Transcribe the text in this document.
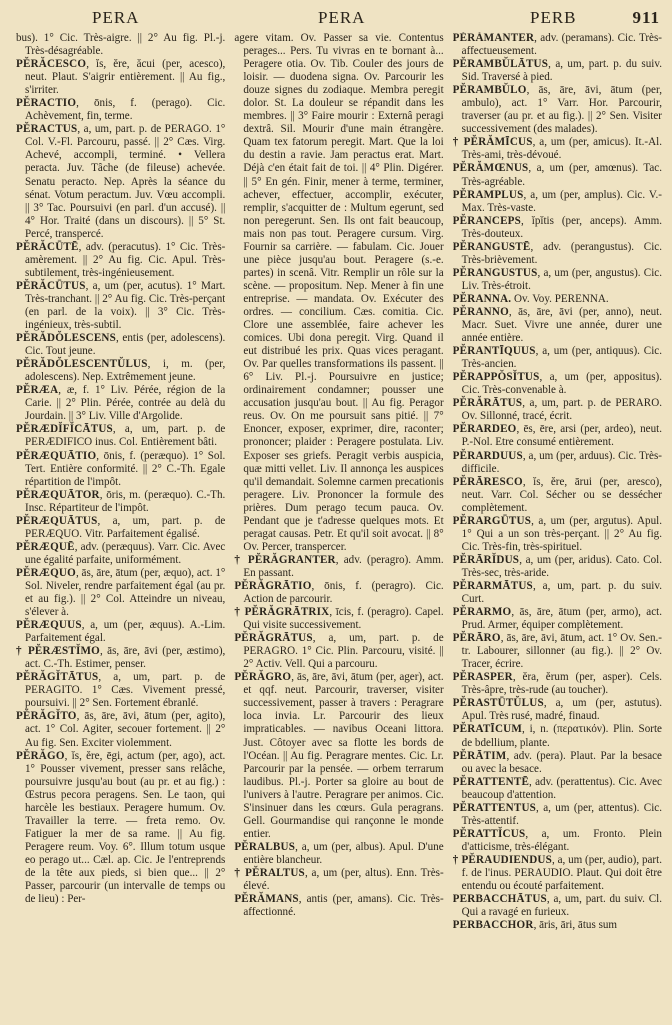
PERA	PERA	PERB	911

bus). 1° Cic. Très-aigre. || 2° Au fig. Pl.-j. Très-désagréable.

PĔRĂCESCO, ĭs, ĕre, ăcui (per, acesco), neut. Plaut. S'aigrir entièrement. || Au fig., s'irriter.

PĔRACTIO, ōnis, f. (perago). Cic. Achèvement, fin, terme.

PĔRACTUS, a, um, part. p. de PERAGO. 1° Col. V.-Fl. Parcouru, passé. || 2° Cæs. Virg. Achevé, accompli, terminé. • Vellera peracta. Juv. Tâche (de fileuse) achevée. Senatu peracto. Nep. Après la séance du sénat. Votum peractum. Juv. Vœu accompli. || 3° Tac. Poursuivi (en parl. d'un accusé). || 4° Hor. Traité (dans un discours). || 5° St. Percé, transpercé.

PĔRĂCŪTĒ, adv. (peracutus). 1° Cic. Très-amèrement. || 2° Au fig. Cic. Apul. Très-subtilement, très-ingénieusement.

PĔRĂCŪTUS, a, um (per, acutus). 1° Mart. Très-tranchant. || 2° Au fig. Cic. Très-perçant (en parl. de la voix). || 3° Cic. Très-ingénieux, très-subtil.

PĔRĂDŎLESCENS, entis (per, adolescens). Cic. Tout jeune.

PĔRĂDŎLESCENTŬLUS, i, m. (per, adolescens). Nep. Extrêmement jeune.

PĔRÆA, æ, f. 1° Liv. Pérée, région de la Carie. || 2° Plin. Pérée, contrée au delà du Jourdain. || 3° Liv. Ville d'Argolide.

PĔRÆDĬFĬCĀTUS, a, um, part. p. de PERÆDIFICO inus. Col. Entièrement bâti.

PĔRÆQUĀTIO, ōnis, f. (peræquo). 1° Sol. Tert. Entière conformité. || 2° C.-Th. Egale répartition de l'impôt.

PĔRÆQUĀTOR, ōris, m. (peræquo). C.-Th. Insc. Répartiteur de l'impôt.

PĔRÆQUĀTUS, a, um, part. p. de PERÆQUO. Vitr. Parfaitement égalisé.

PĔRÆQUĒ, adv. (peræquus). Varr. Cic. Avec une égalité parfaite, uniformément.

PĔRÆQUO, ās, āre, ātum (per, æquo), act. 1° Sol. Niveler, rendre parfaitement égal (au pr. et au fig.). || 2° Col. Atteindre un niveau, s'élever à.

PĔRÆQUUS, a, um (per, æquus). A.-Lim. Parfaitement égal.

† PĔRÆSTĬMO, ās, āre, āvi (per, æstimo), act. C.-Th. Estimer, penser.

PĔRĂGĬTĀTUS, a, um, part. p. de PERAGITO. 1° Cæs. Vivement pressé, poursuivi. || 2° Sen. Fortement ébranlé.

PĔRĂGĬTO, ās, āre, āvi, ātum (per, agito), act. 1° Col. Agiter, secouer fortement. || 2° Au fig. Sen. Exciter violemment.

PĔRĂGO, ĭs, ĕre, ēgi, actum (per, ago), act. 1° Pousser vivement, presser sans relâche, poursuivre jusqu'au bout (au pr. et au fig.) : Œstrus pecora peragens. Sen. Le taon, qui harcèle les bestiaux. Peragere humum. Ov. Travailler la terre. — freta remo. Ov. Fatiguer la mer de sa rame. || Au fig. Peragere reum. Voy. 6°. Illum totum usque eo perago ut... Cæl. ap. Cic. Je l'entreprends de la tête aux pieds, si bien que... || 2° Passer, parcourir (un intervalle de temps ou de lieu) : Per-

agere vitam. Ov. Passer sa vie. Contentus perages... Pers. Tu vivras en te bornant à... Peragere otia. Ov. Tib. Couler des jours de loisir. — duodena signa. Ov. Parcourir les douze signes du zodiaque. Membra peregit dolor. St. La douleur se répandit dans les membres. || 3° Faire mourir : Externâ peragi dextrâ. Sil. Mourir d'une main étrangère. Quam tex fatorum peregit. Mart. Que la loi du destin a ravie. Jam peractus erat. Mart. Déjà c'en était fait de toi. || 4° Plin. Digérer. || 5° En gén. Finir, mener à terme, terminer, achever, effectuer, accomplir, exécuter, remplir, s'acquitter de : Multum egerunt, sed non peregerunt. Sen. Ils ont fait beaucoup, mais non pas tout. Peragere cursum. Virg. Fournir sa carrière. — fabulam. Cic. Jouer une pièce jusqu'au bout. Peragere (s.-e. partes) in scenâ. Vitr. Remplir un rôle sur la scène. — propositum. Nep. Mener à fin une entreprise. — mandata. Ov. Exécuter des ordres. — concilium. Cæs. comitia. Cic. Clore une assemblée, faire achever les comices. Ubi dona peregit. Virg. Quand il eut distribué les prix. Quas vices peragant. Ov. Par quelles transformations ils passent. || 6° Liv. Pl.-j. Poursuivre en justice; ordinairement condamner; pousser une accusation jusqu'au bout. || Au fig. Peragor reus. Ov. On me poursuit sans pitié. || 7° Enoncer, exposer, exprimer, dire, raconter; prononcer; plaider : Peragere postulata. Liv. Exposer ses griefs. Peragit verbis auspicia, quæ mitti vellet. Liv. Il annonça les auspices qu'il demandait. Solemne carmen precationis peragere. Liv. Prononcer la formule des prières. Dum perago tecum pauca. Ov. Pendant que je t'adresse quelques mots. Et peragat causas. Petr. Et qu'il soit avocat. || 8° Ov. Percer, transpercer.

† PĔRĂGRANTER, adv. (peragro). Amm. En passant.

PĔRĂGRĀTIO, ōnis, f. (peragro). Cic. Action de parcourir.

† PĔRĂGRĀTRIX, īcis, f. (peragro). Capel. Qui visite successivement.

PĔRĂGRĀTUS, a, um, part. p. de PERAGRO. 1° Cic. Plin. Parcouru, visité. || 2° Activ. Vell. Qui a parcouru.

PĔRĂGRO, ās, āre, āvi, ātum (per, ager), act. et qqf. neut. Parcourir, traverser, visiter successivement, passer à travers : Peragrare loca invia. Lr. Parcourir des lieux impraticables. — navibus Oceani littora. Just. Côtoyer avec sa flotte les bords de l'Océan. || Au fig. Peragrare mentes. Cic. Lr. Parcourir par la pensée. — orbem terrarum laudibus. Pl.-j. Porter sa gloire au bout de l'univers à l'autre. Peragrare per animos. Cic. S'insinuer dans les cœurs. Gula peragrans. Gell. Gourmandise qui rançonne le monde entier.

PĔRALBUS, a, um (per, albus). Apul. D'une entière blancheur.

† PĔRALTUS, a, um (per, altus). Enn. Très-élevé.

PĔRĂMANS, antis (per, amans). Cic. Très-affectionné.

PĔRĂMANTER, adv. (peramans). Cic. Très-affectueusement.

PĔRAMBŬLĀTUS, a, um, part. p. du suiv. Sid. Traversé à pied.

PĔRAMBŬLO, ās, āre, āvi, ātum (per, ambulo), act. 1° Varr. Hor. Parcourir, traverser (au pr. et au fig.). || 2° Sen. Visiter successivement (des malades).

† PĔRĂMĪCUS, a, um (per, amicus). It.-Al. Très-ami, très-dévoué.

PĔRĂMŒNUS, a, um (per, amœnus). Tac. Très-agréable.

PĔRAMPLUS, a, um (per, amplus). Cic. V.-Max. Très-vaste.

PĔRANCEPS, ĭpĭtis (per, anceps). Amm. Très-douteux.

PĔRANGUSTĒ, adv. (perangustus). Cic. Très-brièvement.

PĔRANGUSTUS, a, um (per, angustus). Cic. Liv. Très-étroit.

PĔRANNA. Ov. Voy. PERENNA.

PĔRANNO, ās, āre, āvi (per, anno), neut. Macr. Suet. Vivre une année, durer une année entière.

PĔRANTĪQUUS, a, um (per, antiquus). Cic. Très-ancien.

PĔRAPPŎSĬTUS, a, um (per, appositus). Cic. Très-convenable à.

PĔRĂRĀTUS, a, um, part. p. de PERARO. Ov. Sillonné, tracé, écrit.

PĔRARDEO, ēs, ēre, arsi (per, ardeo), neut. P.-Nol. Etre consumé entièrement.

PĔRARDUUS, a, um (per, arduus). Cic. Très-difficile.

PĔRĀRESCO, ĭs, ĕre, ārui (per, aresco), neut. Varr. Col. Sécher ou se dessécher complètement.

PĔRARGŪTUS, a, um (per, argutus). Apul. 1° Qui a un son très-perçant. || 2° Au fig. Cic. Très-fin, très-spirituel.

PĔRĀRĬDUS, a, um (per, aridus). Cato. Col. Très-sec, très-aride.

PĔRARMĀTUS, a, um, part. p. du suiv. Curt.

PĔRARMO, ās, āre, ātum (per, armo), act. Prud. Armer, équiper complètement.

PĔRĀRO, ās, āre, āvi, ātum, act. 1° Ov. Sen.-tr. Labourer, sillonner (au fig.). || 2° Ov. Tracer, écrire.

PĔRASPER, ĕra, ĕrum (per, asper). Cels. Très-âpre, très-rude (au toucher).

PĔRASTŪTŬLUS, a, um (per, astutus). Apul. Très rusé, madré, finaud.

PĔRATĪCUM, i, n. (περατικόν). Plin. Sorte de bdellium, plante.

PĔRĀTIM, adv. (pera). Plaut. Par la besace ou avec la besace.

PĔRATTENTĒ, adv. (perattentus). Cic. Avec beaucoup d'attention.

PĔRATTENTUS, a, um (per, attentus). Cic. Très-attentif.

PĔRATTĬCUS, a, um. Fronto. Plein d'atticisme, très-élégant.

† PĔRAUDIENDUS, a, um (per, audio), part. f. de l'inus. PERAUDIO. Plaut. Qui doit être entendu ou écouté parfaitement.

PERBACCHĀTUS, a, um, part. du suiv. Cl. Qui a ravagé en furieux.

PERBACCHOR, āris, āri, ātus sum
